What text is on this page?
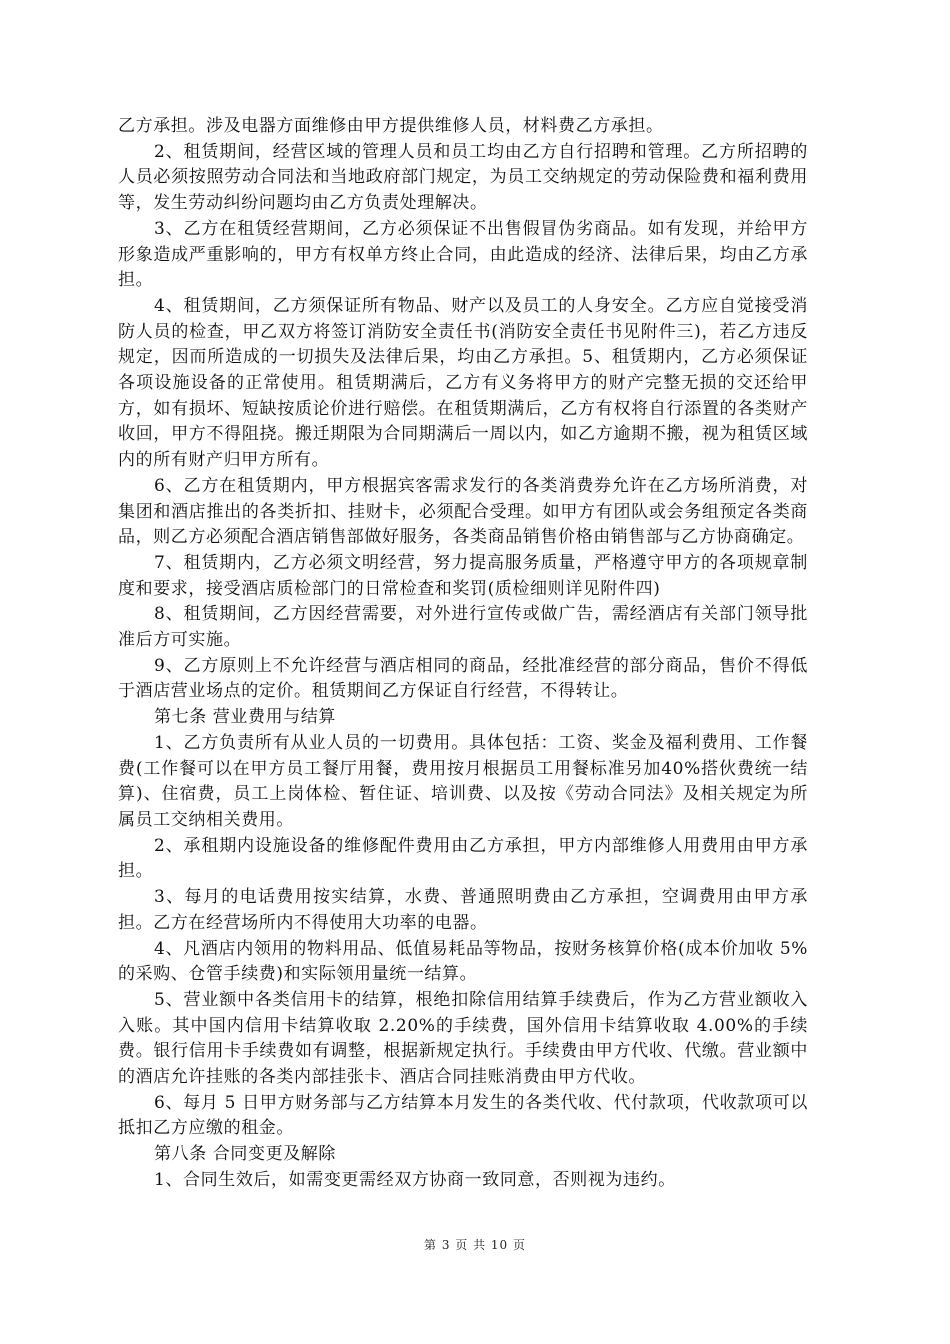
乙方承担。涉及电器方面维修由甲方提供维修人员，材料费乙方承担。

2、租赁期间，经营区域的管理人员和员工均由乙方自行招聘和管理。乙方所招聘的人员必须按照劳动合同法和当地政府部门规定，为员工交纳规定的劳动保险费和福利费用等，发生劳动纠纷问题均由乙方负责处理解决。

3、乙方在租赁经营期间，乙方必须保证不出售假冒伪劣商品。如有发现，并给甲方形象造成严重影响的，甲方有权单方终止合同，由此造成的经济、法律后果，均由乙方承担。

4、租赁期间，乙方须保证所有物品、财产以及员工的人身安全。乙方应自觉接受消防人员的检查，甲乙双方将签订消防安全责任书(消防安全责任书见附件三)，若乙方违反规定，因而所造成的一切损失及法律后果，均由乙方承担。5、租赁期内，乙方必须保证各项设施设备的正常使用。租赁期满后，乙方有义务将甲方的财产完整无损的交还给甲方，如有损坏、短缺按质论价进行赔偿。在租赁期满后，乙方有权将自行添置的各类财产收回，甲方不得阻挠。搬迁期限为合同期满后一周以内，如乙方逾期不搬，视为租赁区域内的所有财产归甲方所有。

6、乙方在租赁期内，甲方根据宾客需求发行的各类消费券允许在乙方场所消费，对集团和酒店推出的各类折扣、挂财卡，必须配合受理。如甲方有团队或会务组预定各类商品，则乙方必须配合酒店销售部做好服务，各类商品销售价格由销售部与乙方协商确定。

7、租赁期内，乙方必须文明经营，努力提高服务质量，严格遵守甲方的各项规章制度和要求，接受酒店质检部门的日常检查和奖罚(质检细则详见附件四)

8、租赁期间，乙方因经营需要，对外进行宣传或做广告，需经酒店有关部门领导批准后方可实施。

9、乙方原则上不允许经营与酒店相同的商品，经批准经营的部分商品，售价不得低于酒店营业场点的定价。租赁期间乙方保证自行经营，不得转让。

第七条 营业费用与结算

1、乙方负责所有从业人员的一切费用。具体包括：工资、奖金及福利费用、工作餐费(工作餐可以在甲方员工餐厅用餐，费用按月根据员工用餐标准另加40%搭伙费统一结算)、住宿费，员工上岗体检、暂住证、培训费、以及按《劳动合同法》及相关规定为所属员工交纳相关费用。

2、承租期内设施设备的维修配件费用由乙方承担，甲方内部维修人用费用由甲方承担。

3、每月的电话费用按实结算，水费、普通照明费由乙方承担，空调费用由甲方承担。乙方在经营场所内不得使用大功率的电器。

4、凡酒店内领用的物料用品、低值易耗品等物品，按财务核算价格(成本价加收 5%的采购、仓管手续费)和实际领用量统一结算。

5、营业额中各类信用卡的结算，根绝扣除信用结算手续费后，作为乙方营业额收入入账。其中国内信用卡结算收取 2.20%的手续费，国外信用卡结算收取 4.00%的手续费。银行信用卡手续费如有调整，根据新规定执行。手续费由甲方代收、代缴。营业额中的酒店允许挂账的各类内部挂张卡、酒店合同挂账消费由甲方代收。

6、每月 5 日甲方财务部与乙方结算本月发生的各类代收、代付款项，代收款项可以抵扣乙方应缴的租金。

第八条 合同变更及解除

1、合同生效后，如需变更需经双方协商一致同意，否则视为违约。

第 3 页 共 10 页
